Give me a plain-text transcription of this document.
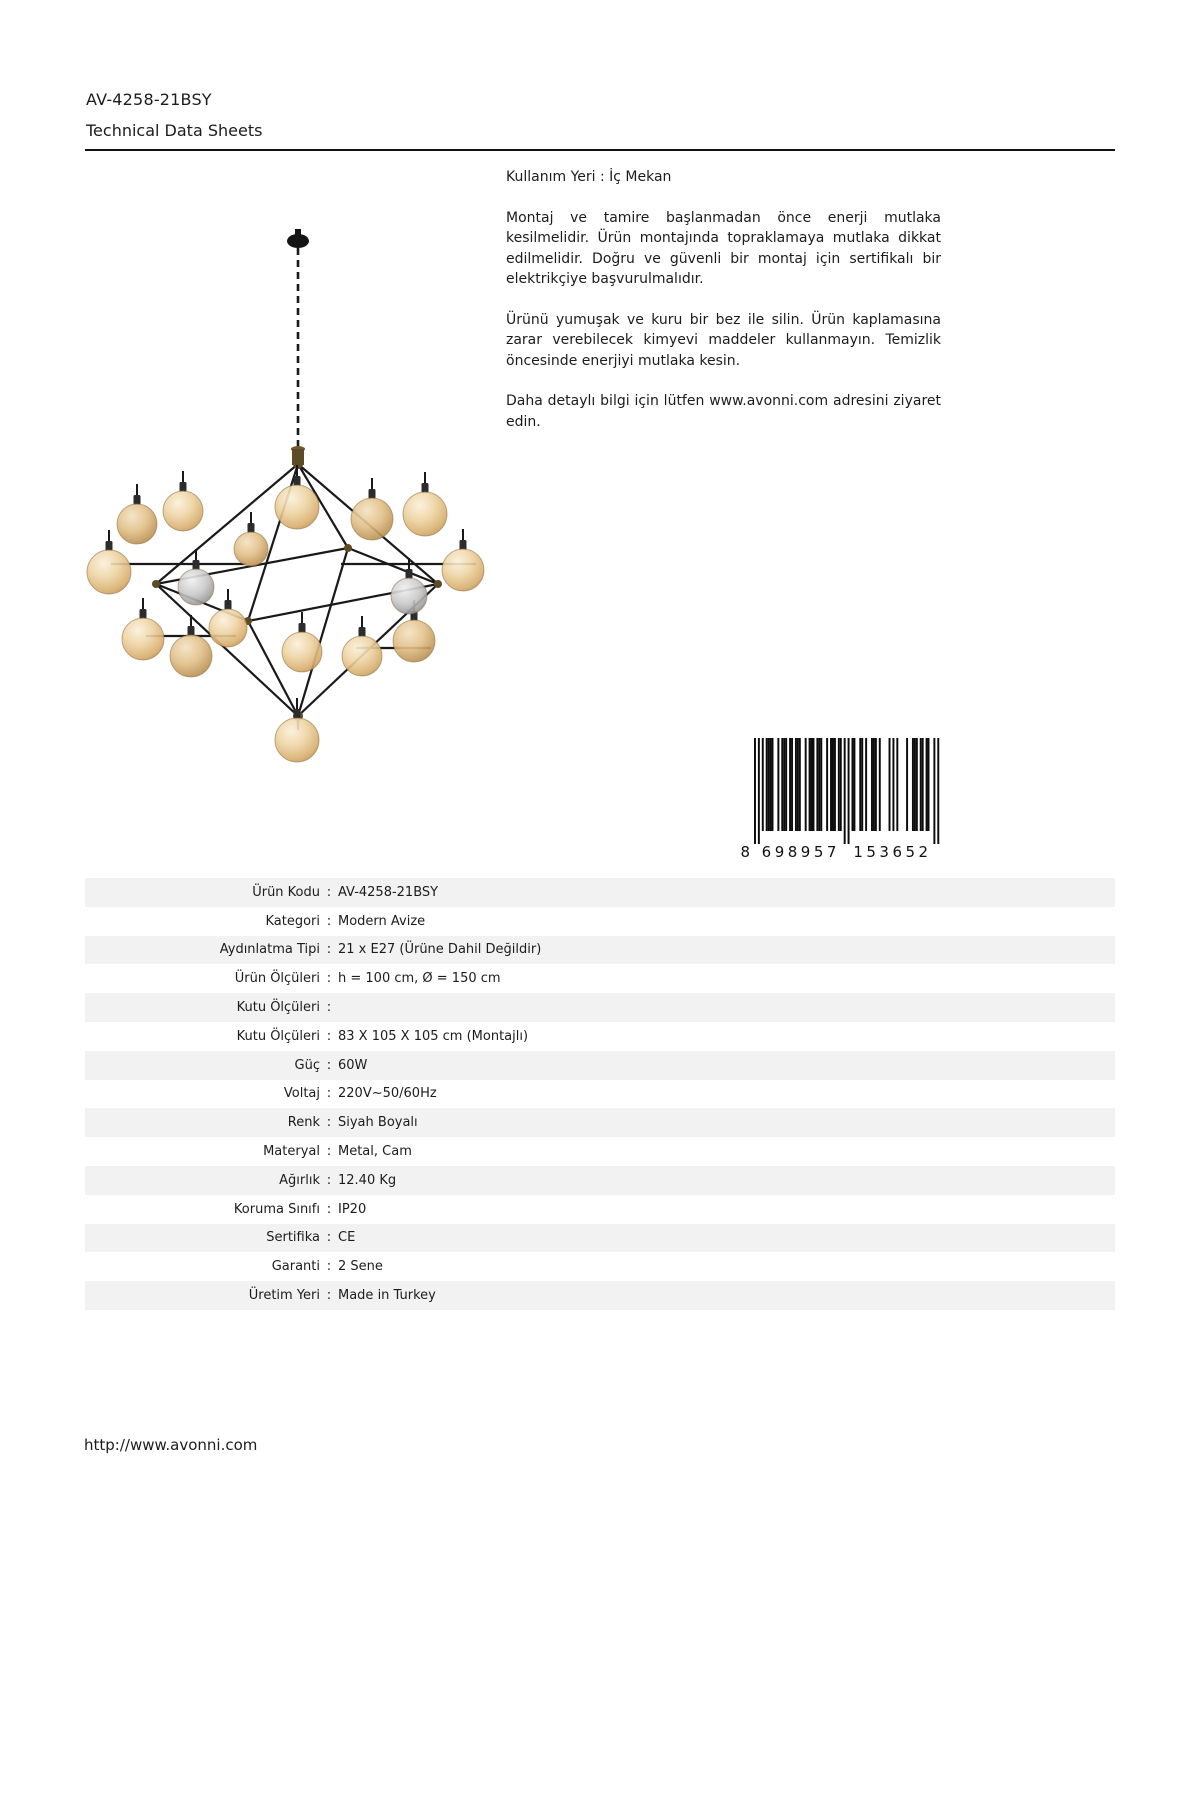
AV-4258-21BSY
Technical Data Sheets

Kullanım Yeri : İç Mekan

Montaj ve tamire başlanmadan önce enerji mutlaka kesilmelidir. Ürün montajında topraklamaya mutlaka dikkat edilmelidir. Doğru ve güvenli bir montaj için sertifikalı bir elektrikçiye başvurulmalıdır.

Ürünü yumuşak ve kuru bir bez ile silin. Ürün kaplamasına zarar verebilecek kimyevi maddeler kullanmayın. Temizlik öncesinde enerjiyi mutlaka kesin.

Daha detaylı bilgi için lütfen www.avonni.com adresini ziyaret edin.

8 698957 153652
Ürün Kodu : AV-4258-21BSY
Kategori : Modern Avize
Aydınlatma Tipi : 21 x E27 (Ürüne Dahil Değildir)
Ürün Ölçüleri : h = 100 cm, Ø = 150 cm
Kutu Ölçüleri :
Kutu Ölçüleri : 83 X 105 X 105 cm (Montajlı)
Güç : 60W
Voltaj : 220V~50/60Hz
Renk : Siyah Boyalı
Materyal : Metal, Cam
Ağırlık : 12.40 Kg
Koruma Sınıfı : IP20
Sertifika : CE
Garanti : 2 Sene
Üretim Yeri : Made in Turkey
http://www.avonni.com
